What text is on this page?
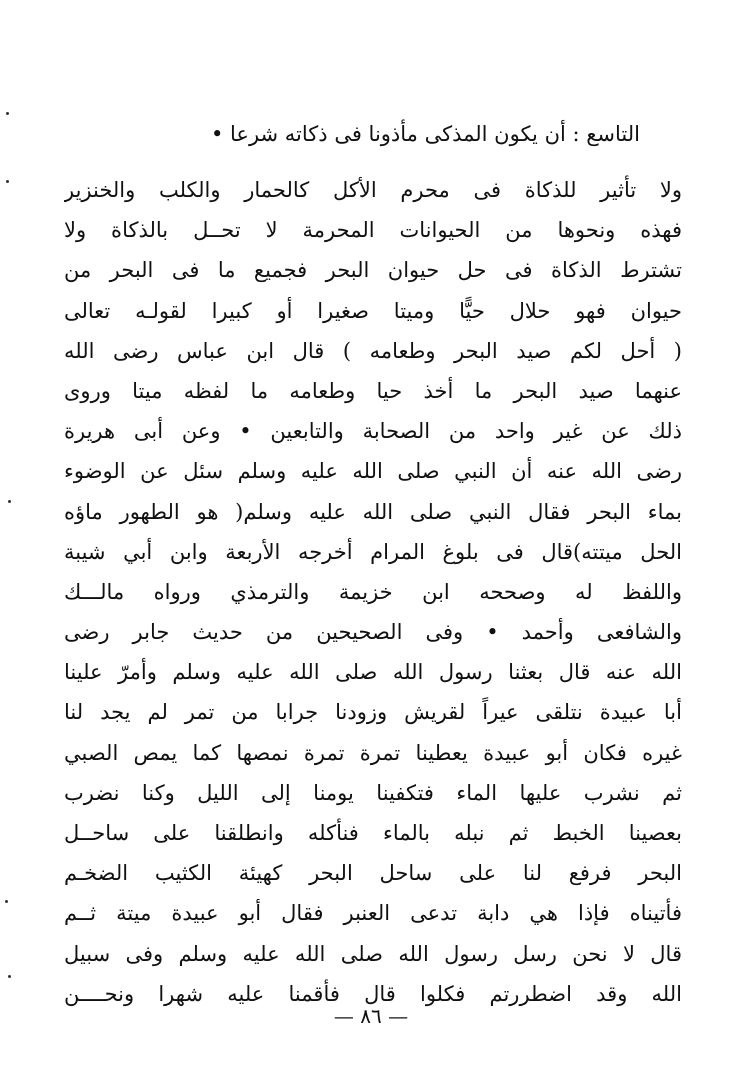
التاسع : أن يكون المذكى مأذونا فى ذكاته شرعا •
ولا تأثير للذكاة فى محرم الأكل كالحمار والكلب والخنزير
فهذه ونحوها من الحيوانات المحرمة لا تحــل بالذكاة ولا
تشترط الذكاة فى حل حيوان البحر فجميع ما فى البحر من
حيوان فهو حلال حيًّا وميتا صغيرا أو كبيرا لقولـه تعالى
( أحل لكم صيد البحر وطعامه ) قال ابن عباس رضى الله
عنهما صيد البحر ما أخذ حيا وطعامه ما لفظه ميتا وروى
ذلك عن غير واحد من الصحابة والتابعين • وعن أبى هريرة
رضى الله عنه أن النبي صلى الله عليه وسلم سئل عن الوضوء
بماء البحر فقال النبي صلى الله عليه وسلم( هو الطهور ماؤه
الحل ميتته)قال فى بلوغ المرام أخرجه الأربعة وابن أبي شيبة
واللفظ له وصححه ابن خزيمة والترمذي ورواه مالـــك
والشافعى وأحمد • وفى الصحيحين من حديث جابر رضى
الله عنه قال بعثنا رسول الله صلى الله عليه وسلم وأمرّ علينا
أبا عبيدة نتلقى عيراً لقريش وزودنا جرابا من تمر لم يجد لنا
غيره فكان أبو عبيدة يعطينا تمرة تمرة نمصها كما يمص الصبي
ثم نشرب عليها الماء فتكفينا يومنا إلى الليل وكنا نضرب
بعصينا الخبط ثم نبله بالماء فنأكله وانطلقنا على ساحــل
البحر فرفع لنا على ساحل البحر كهيئة الكثيب الضخـم
فأتيناه فإذا هي دابة تدعى العنبر فقال أبو عبيدة ميتة ثــم
قال لا نحن رسل رسول الله صلى الله عليه وسلم وفى سبيل
الله وقد اضطررتم فكلوا قال فأقمنا عليه شهرا ونحــــن
— ٨٦ —
